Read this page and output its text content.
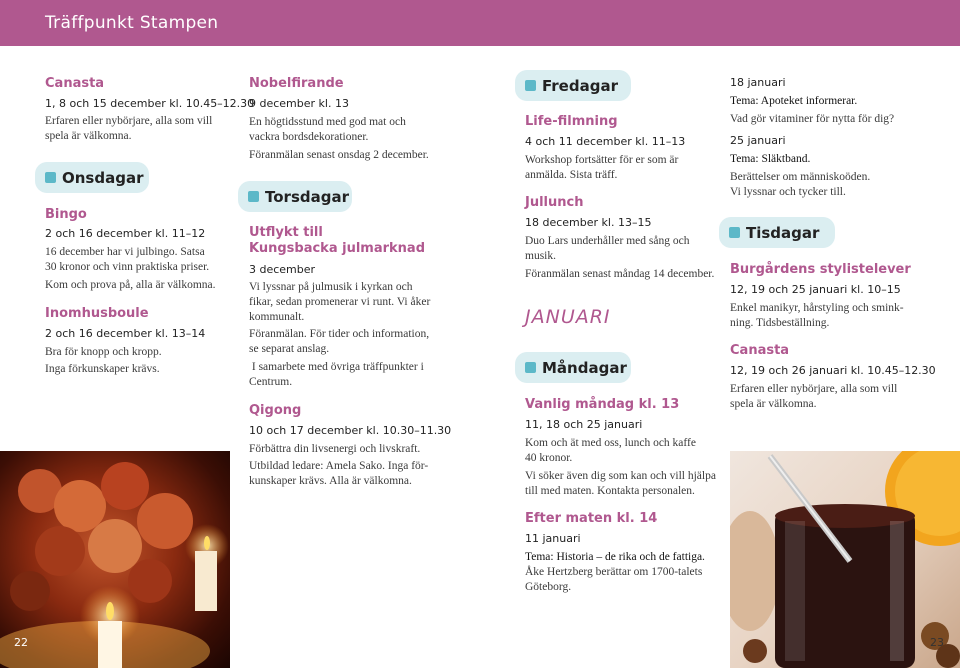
Träffpunkt Stampen
Canasta
1, 8 och 15 december kl. 10.45–12.30
Erfaren eller nybörjare, alla som vill
spela är välkomna.
Onsdagar
Bingo
2 och 16 december kl. 11–12
16 december har vi julbingo. Satsa
30 kronor och vinn praktiska priser.
Kom och prova på, alla är välkomna.
Inomhusboule
2 och 16 december kl. 13–14
Bra för knopp och kropp.
Inga förkunskaper krävs.
22
Nobelfirande
9 december kl. 13
En högtidsstund med god mat och
vackra bordsdekorationer.
Föranmälan senast onsdag 2 december.
Torsdagar
Utflykt till
Kungsbacka julmarknad
3 december
Vi lyssnar på julmusik i kyrkan och
fikar, sedan promenerar vi runt. Vi åker
kommunalt.
Föranmälan. För tider och information,
se separat anslag.
I samarbete med övriga träffpunkter i
Centrum.
Qigong
10 och 17 december kl. 10.30–11.30
Förbättra din livsenergi och livskraft.
Utbildad ledare: Amela Sako. Inga för-
kunskaper krävs. Alla är välkomna.
Fredagar
Life-filmning
4 och 11 december kl. 11–13
Workshop fortsätter för er som är
anmälda. Sista träff.
Jullunch
18 december kl. 13–15
Duo Lars underhåller med sång och
musik.
Föranmälan senast måndag 14 december.
JANUARI
Måndagar
Vanlig måndag kl. 13
11, 18 och 25 januari
Kom och ät med oss, lunch och kaffe
40 kronor.
Vi söker även dig som kan och vill hjälpa
till med maten. Kontakta personalen.
Efter maten kl. 14
11 januari
Tema: Historia – de rika och de fattiga.
Åke Hertzberg berättar om 1700-talets
Göteborg.
18 januari
Tema: Apoteket informerar.
Vad gör vitaminer för nytta för dig?
25 januari
Tema: Släktband.
Berättelser om människoöden.
Vi lyssnar och tycker till.
Tisdagar
Burgårdens stylistelever
12, 19 och 25 januari kl. 10–15
Enkel manikyr, hårstyling och smink-
ning. Tidsbeställning.
Canasta
12, 19 och 26 januari kl. 10.45–12.30
Erfaren eller nybörjare, alla som vill
spela är välkomna.
23
